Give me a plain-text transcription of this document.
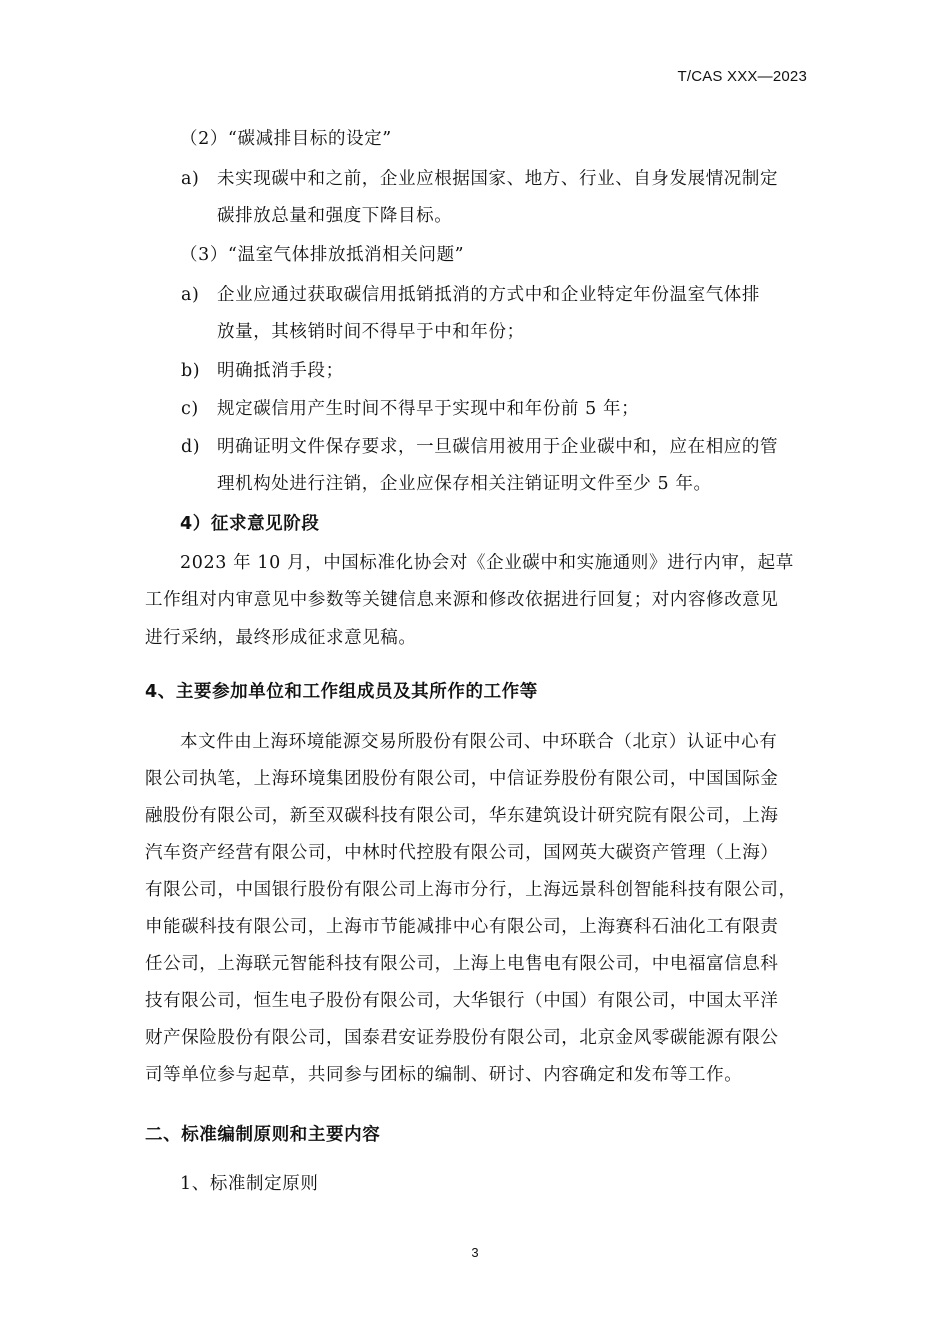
T/CAS XXX—2023
（2）“碳减排目标的设定”
a)	未实现碳中和之前，企业应根据国家、地方、行业、自身发展情况制定
碳排放总量和强度下降目标。
（3）“温室气体排放抵消相关问题”
a)	企业应通过获取碳信用抵销抵消的方式中和企业特定年份温室气体排
放量，其核销时间不得早于中和年份；
b) 明确抵消手段；
c)	规定碳信用产生时间不得早于实现中和年份前 5 年；
d) 明确证明文件保存要求，一旦碳信用被用于企业碳中和，应在相应的管
理机构处进行注销，企业应保存相关注销证明文件至少 5 年。
4）征求意见阶段
2023 年 10 月，中国标准化协会对《企业碳中和实施通则》进行内审，起草
工作组对内审意见中参数等关键信息来源和修改依据进行回复；对内容修改意见
进行采纳，最终形成征求意见稿。
4、主要参加单位和工作组成员及其所作的工作等
本文件由上海环境能源交易所股份有限公司、中环联合（北京）认证中心有
限公司执笔，上海环境集团股份有限公司，中信证券股份有限公司，中国国际金
融股份有限公司，新至双碳科技有限公司，华东建筑设计研究院有限公司，上海
汽车资产经营有限公司，中林时代控股有限公司，国网英大碳资产管理（上海）
有限公司，中国银行股份有限公司上海市分行，上海远景科创智能科技有限公司，
申能碳科技有限公司，上海市节能减排中心有限公司，上海赛科石油化工有限责
任公司，上海联元智能科技有限公司，上海上电售电有限公司，中电福富信息科
技有限公司，恒生电子股份有限公司，大华银行（中国）有限公司，中国太平洋
财产保险股份有限公司，国泰君安证券股份有限公司，北京金风零碳能源有限公
司等单位参与起草，共同参与团标的编制、研讨、内容确定和发布等工作。
二、标准编制原则和主要内容
1、标准制定原则
3
